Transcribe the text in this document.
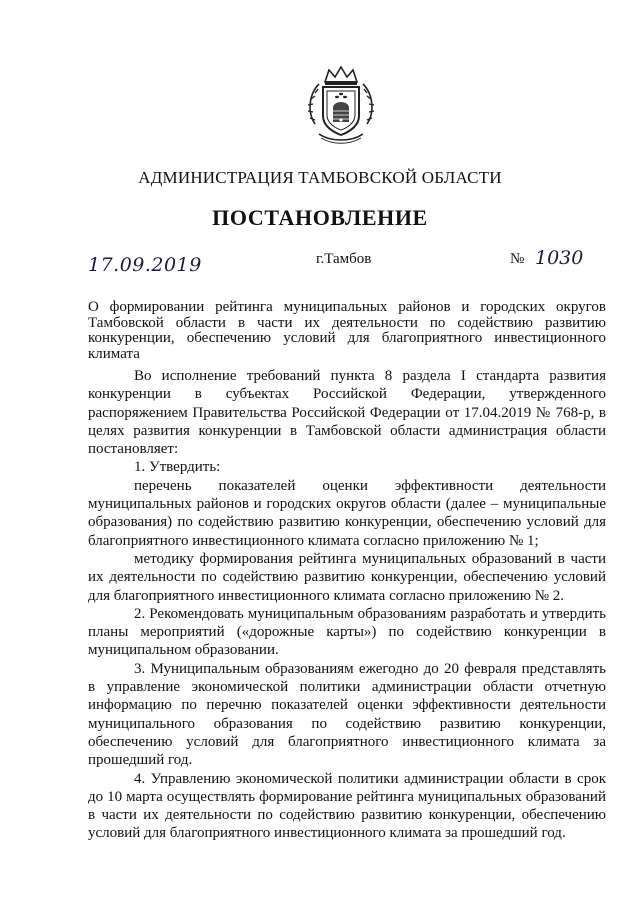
АДМИНИСТРАЦИЯ ТАМБОВСКОЙ ОБЛАСТИ
ПОСТАНОВЛЕНИЕ
17.09.2019	г.Тамбов	№ 1030
О формировании рейтинга муниципальных районов и городских округов Тамбовской области в части их деятельности по содействию развитию конкуренции, обеспечению условий для благоприятного инвестиционного климата

Во исполнение требований пункта 8 раздела I стандарта развития конкуренции в субъектах Российской Федерации, утвержденного распоряжением Правительства Российской Федерации от 17.04.2019 № 768-р, в целях развития конкуренции в Тамбовской области администрация области постановляет:

1. Утвердить:

перечень показателей оценки эффективности деятельности муниципальных районов и городских округов области (далее – муниципальные образования) по содействию развитию конкуренции, обеспечению условий для благоприятного инвестиционного климата согласно приложению № 1;

методику формирования рейтинга муниципальных образований в части их деятельности по содействию развитию конкуренции, обеспечению условий для благоприятного инвестиционного климата согласно приложению № 2.

2. Рекомендовать муниципальным образованиям разработать и утвердить планы мероприятий («дорожные карты») по содействию конкуренции в муниципальном образовании.

3. Муниципальным образованиям ежегодно до 20 февраля представлять в управление экономической политики администрации области отчетную информацию по перечню показателей оценки эффективности деятельности муниципального образования по содействию развитию конкуренции, обеспечению условий для благоприятного инвестиционного климата за прошедший год.

4. Управлению экономической политики администрации области в срок до 10 марта осуществлять формирование рейтинга муниципальных образований в части их деятельности по содействию развитию конкуренции, обеспечению условий для благоприятного инвестиционного климата за прошедший год.
